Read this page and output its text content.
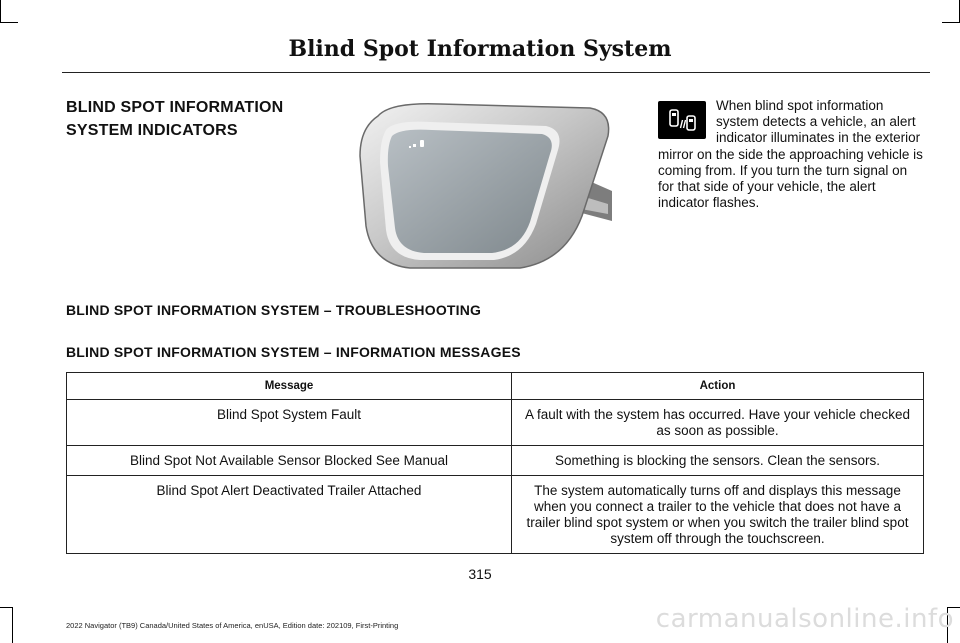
Blind Spot Information System
BLIND SPOT INFORMATION
SYSTEM INDICATORS
When blind spot information system detects a vehicle, an alert indicator illuminates in the exterior mirror on the side the approaching vehicle is coming from. If you turn the turn signal on for that side of your vehicle, the alert indicator flashes.
BLIND SPOT INFORMATION SYSTEM – TROUBLESHOOTING
BLIND SPOT INFORMATION SYSTEM – INFORMATION MESSAGES
Message	Action
Blind Spot System Fault	A fault with the system has occurred. Have your vehicle checked as soon as possible.
Blind Spot Not Available Sensor Blocked See Manual	Something is blocking the sensors. Clean the sensors.
Blind Spot Alert Deactivated Trailer Attached	The system automatically turns off and displays this message when you connect a trailer to the vehicle that does not have a trailer blind spot system or when you switch the trailer blind spot system off through the touchscreen.
315
2022 Navigator (TB9) Canada/United States of America, enUSA, Edition date: 202109, First-Printing	carmanualsonline.info
